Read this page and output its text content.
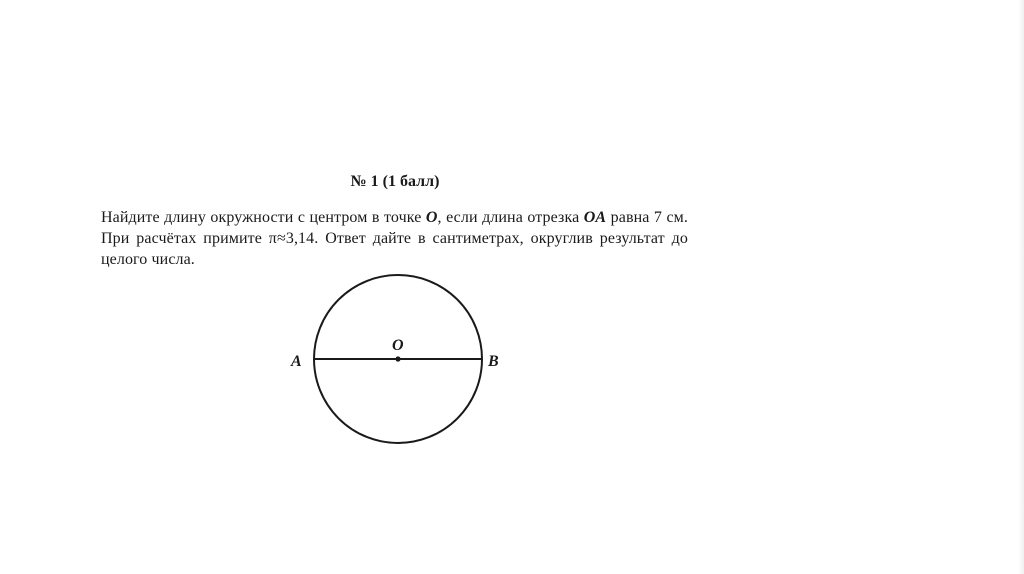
№ 1 (1 балл)
Найдите длину окружности с центром в точке O, если длина отрезка OA равна 7 см. При расчётах примите π≈3,14. Ответ дайте в сантиметрах, округлив результат до целого числа.
A
O
B
